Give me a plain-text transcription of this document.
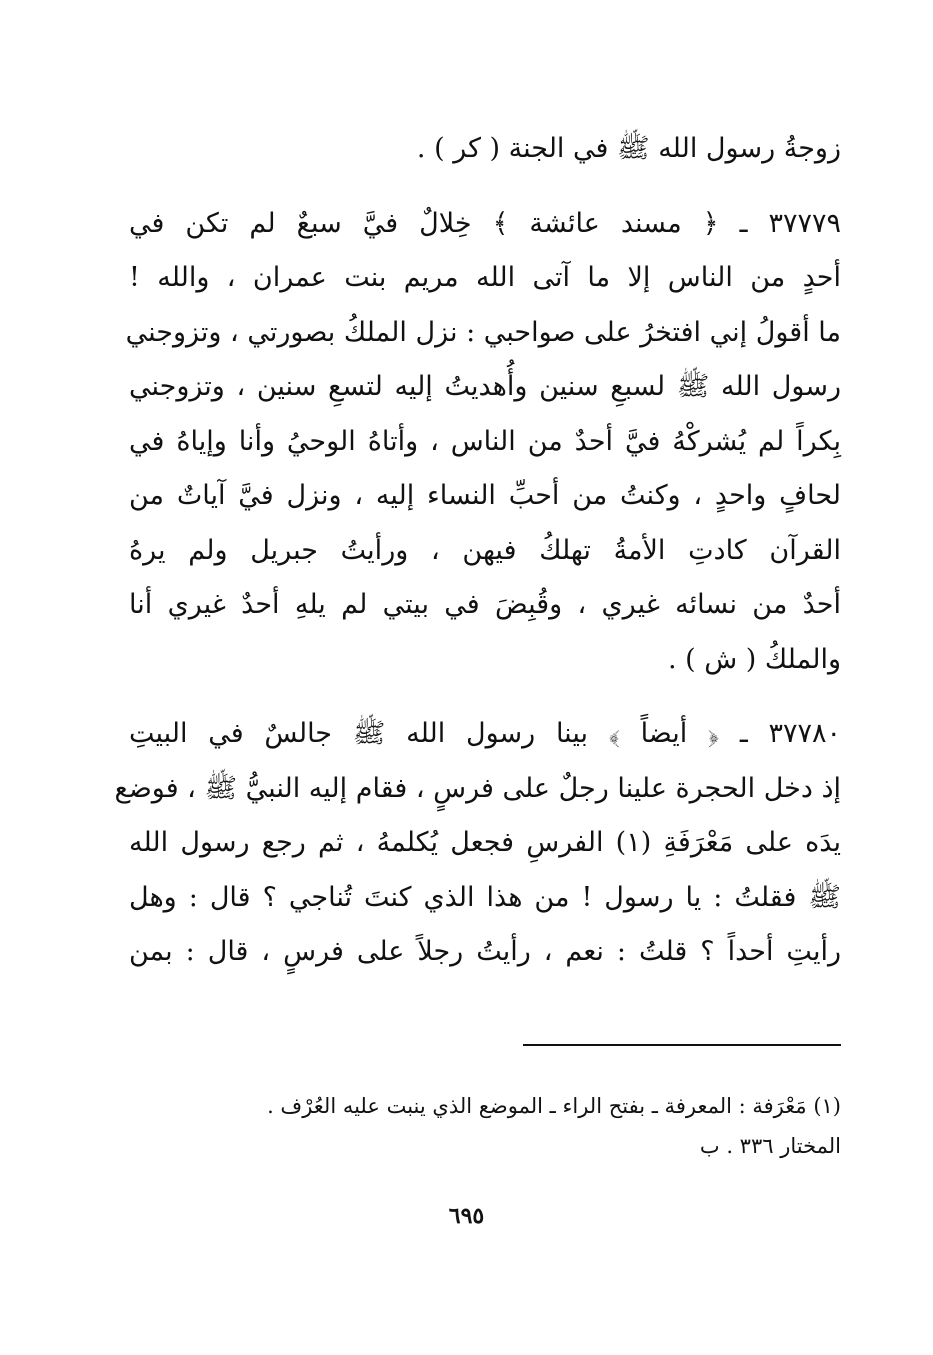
زوجةُ رسول الله ﷺ في الجنة ( كر ) .
٣٧٧٧٩ ـ ﴿ مسند عائشة ﴾ خِلالٌ فيَّ سبعٌ لم تكن في
أحدٍ من الناس إلا ما آتى الله مريم بنت عمران ، والله !
ما أقولُ إني افتخرُ على صواحبي : نزل الملكُ بصورتي ، وتزوجني
رسول الله ﷺ لسبعِ سنين وأُهديتُ إليه لتسعِ سنين ، وتزوجني
بِكراً لم يُشركْهُ فيَّ أحدٌ من الناس ، وأتاهُ الوحيُ وأنا وإياهُ في
لحافٍ واحدٍ ، وكنتُ من أحبِّ النساء إليه ، ونزل فيَّ آياتٌ من
القرآن كادتِ الأمةُ تهلكُ فيهن ، ورأيتُ جبريل ولم يرهُ
أحدٌ من نسائه غيري ، وقُبِضَ في بيتي لم يلهِ أحدٌ غيري أنا
والملكُ ( ش ) .
٣٧٧٨٠ ـ ﴿ أيضاً ﴾ بينا رسول الله ﷺ جالسٌ في البيتِ
إذ دخل الحجرة علينا رجلٌ على فرسٍ ، فقام إليه النبيُّ ﷺ ، فوضع
يدَه على مَعْرَفَةِ (١) الفرسِ فجعل يُكلمهُ ، ثم رجع رسول الله
ﷺ فقلتُ : يا رسول ! من هذا الذي كنتَ تُناجي ؟ قال : وهل
رأيتِ أحداً ؟ قلتُ : نعم ، رأيتُ رجلاً على فرسٍ ، قال : بمن
(١) مَعْرَفة : المعرفة ـ بفتح الراء ـ الموضع الذي ينبت عليه العُرْف .
المختار ٣٣٦ . ب
٦٩٥
